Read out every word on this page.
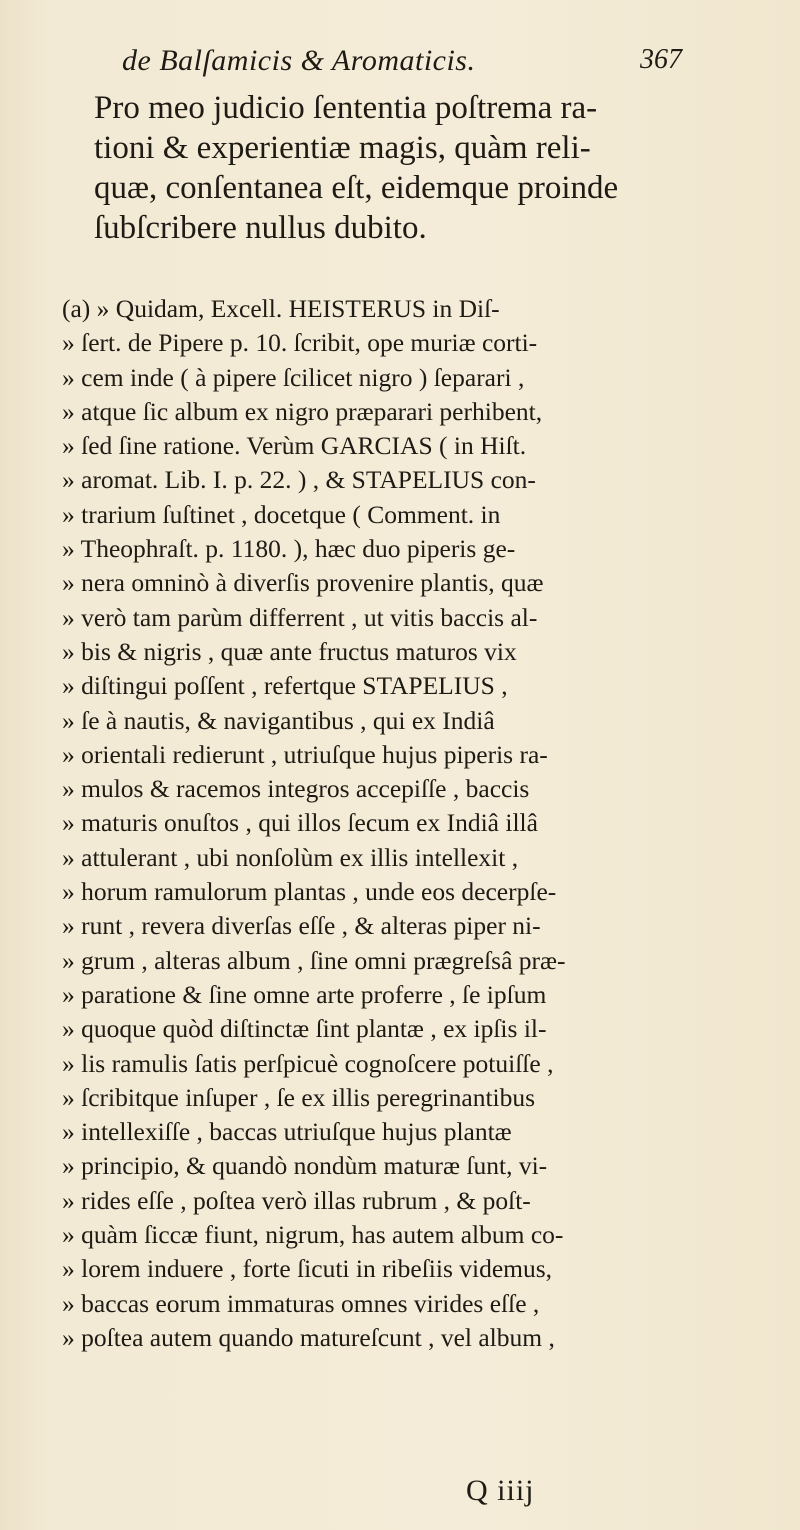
de Balſamicis & Aromaticis.	367
Pro meo judicio ſententia poſtrema ra-
tioni & experientiæ magis, quàm reli-
quæ, conſentanea eſt, eidemque proinde
ſubſcribere nullus dubito.
(a) » Quidam, Excell. HEISTERUS in Diſ-
» ſert. de Pipere p. 10. ſcribit, ope muriæ corti-
» cem inde ( à pipere ſcilicet nigro ) ſeparari ,
» atque ſic album ex nigro præparari perhibent,
» ſed ſine ratione. Verùm GARCIAS ( in Hiſt.
» aromat. Lib. I. p. 22. ) , & STAPELIUS con-
» trarium ſuſtinet , docetque ( Comment. in
» Theophraſt. p. 1180. ), hæc duo piperis ge-
» nera omninò à diverſis provenire plantis, quæ
» verò tam parùm differrent , ut vitis baccis al-
» bis & nigris , quæ ante fructus maturos vix
» diſtingui poſſent , refertque STAPELIUS ,
» ſe à nautis, & navigantibus , qui ex Indiâ
» orientali redierunt , utriuſque hujus piperis ra-
» mulos & racemos integros accepiſſe , baccis
» maturis onuſtos , qui illos ſecum ex Indiâ illâ
» attulerant , ubi nonſolùm ex illis intellexit ,
» horum ramulorum plantas , unde eos decerpſe-
» runt , revera diverſas eſſe , & alteras piper ni-
» grum , alteras album , ſine omni prægreſsâ præ-
» paratione & ſine omne arte proferre , ſe ipſum
» quoque quòd diſtinctæ ſint plantæ , ex ipſis il-
» lis ramulis ſatis perſpicuè cognoſcere potuiſſe ,
» ſcribitque inſuper , ſe ex illis peregrinantibus
» intellexiſſe , baccas utriuſque hujus plantæ
» principio, & quandò nondùm maturæ ſunt, vi-
» rides eſſe , poſtea verò illas rubrum , & poſt-
» quàm ſiccæ fiunt, nigrum, has autem album co-
» lorem induere , forte ſicuti in ribeſiis videmus,
» baccas eorum immaturas omnes virides eſſe ,
» poſtea autem quando matureſcunt , vel album ,
Q iiij
